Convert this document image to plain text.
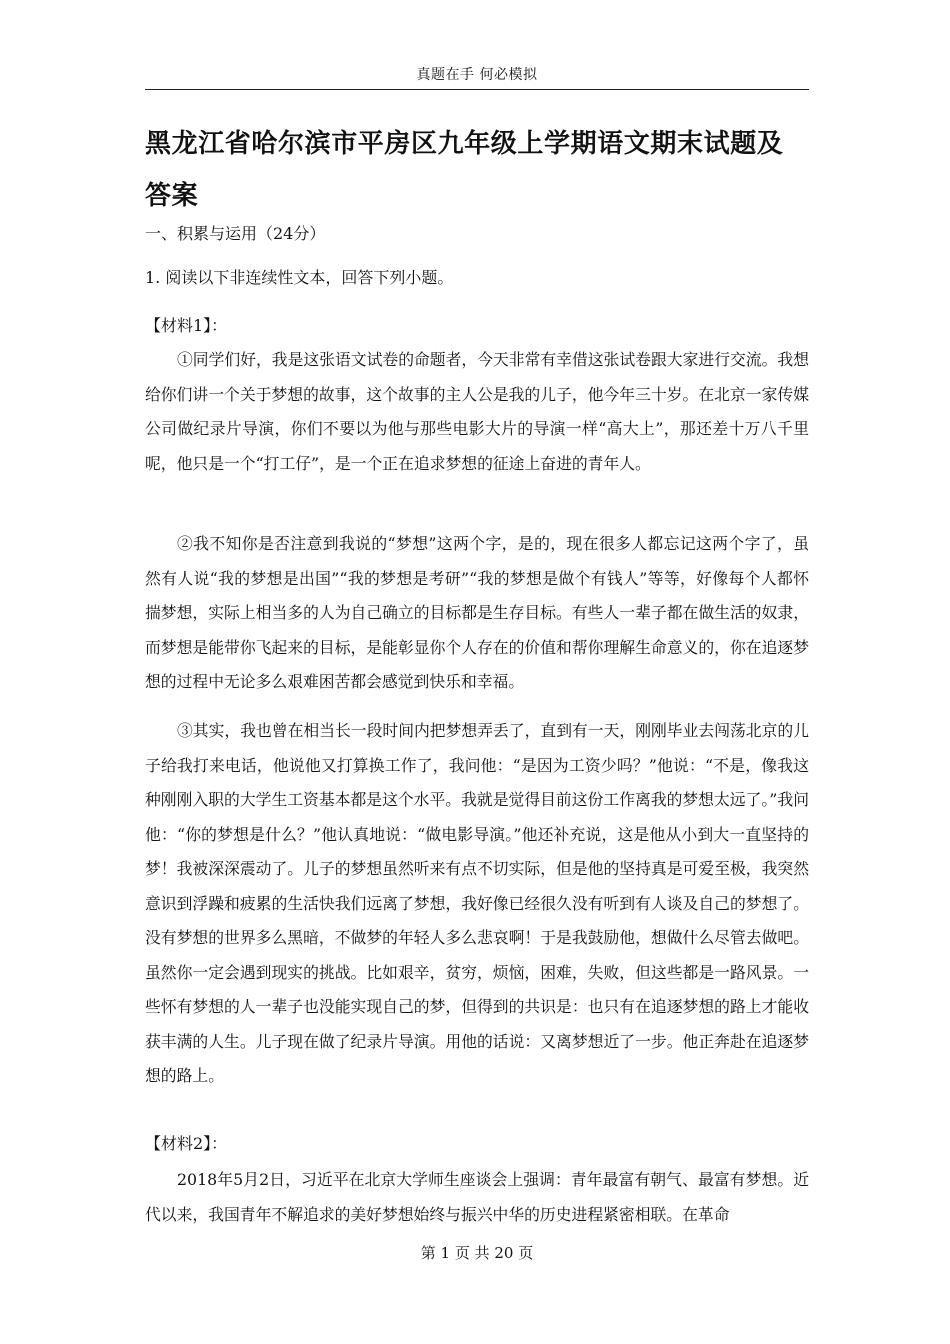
真题在手 何必模拟
黑龙江省哈尔滨市平房区九年级上学期语文期末试题及答案
一、积累与运用（24分）
1. 阅读以下非连续性文本，回答下列小题。
【材料1】：
①同学们好，我是这张语文试卷的命题者，今天非常有幸借这张试卷跟大家进行交流。我想给你们讲一个关于梦想的故事，这个故事的主人公是我的儿子，他今年三十岁。在北京一家传媒公司做纪录片导演，你们不要以为他与那些电影大片的导演一样“高大上”，那还差十万八千里呢，他只是一个“打工仔”，是一个正在追求梦想的征途上奋进的青年人。
②我不知你是否注意到我说的“梦想”这两个字，是的，现在很多人都忘记这两个字了，虽然有人说“我的梦想是出国”“我的梦想是考研”“我的梦想是做个有钱人”等等，好像每个人都怀揣梦想，实际上相当多的人为自己确立的目标都是生存目标。有些人一辈子都在做生活的奴隶，而梦想是能带你飞起来的目标，是能彰显你个人存在的价值和帮你理解生命意义的，你在追逐梦想的过程中无论多么艰难困苦都会感觉到快乐和幸福。
③其实，我也曾在相当长一段时间内把梦想弄丢了，直到有一天，刚刚毕业去闯荡北京的儿子给我打来电话，他说他又打算换工作了，我问他：“是因为工资少吗？”他说：“不是，像我这种刚刚入职的大学生工资基本都是这个水平。我就是觉得目前这份工作离我的梦想太远了。”我问他：“你的梦想是什么？”他认真地说：“做电影导演。”他还补充说，这是他从小到大一直坚持的梦！我被深深震动了。儿子的梦想虽然听来有点不切实际，但是他的坚持真是可爱至极，我突然意识到浮躁和疲累的生活快我们远离了梦想，我好像已经很久没有听到有人谈及自己的梦想了。没有梦想的世界多么黑暗，不做梦的年轻人多么悲哀啊！于是我鼓励他，想做什么尽管去做吧。虽然你一定会遇到现实的挑战。比如艰辛，贫穷，烦恼，困难，失败，但这些都是一路风景。一些怀有梦想的人一辈子也没能实现自己的梦，但得到的共识是：也只有在追逐梦想的路上才能收获丰满的人生。儿子现在做了纪录片导演。用他的话说：又离梦想近了一步。他正奔赴在追逐梦想的路上。
【材料2】：
2018年5月2日，习近平在北京大学师生座谈会上强调：青年最富有朝气、最富有梦想。近代以来，我国青年不解追求的美好梦想始终与振兴中华的历史进程紧密相联。在革命
第 1 页 共 20 页
